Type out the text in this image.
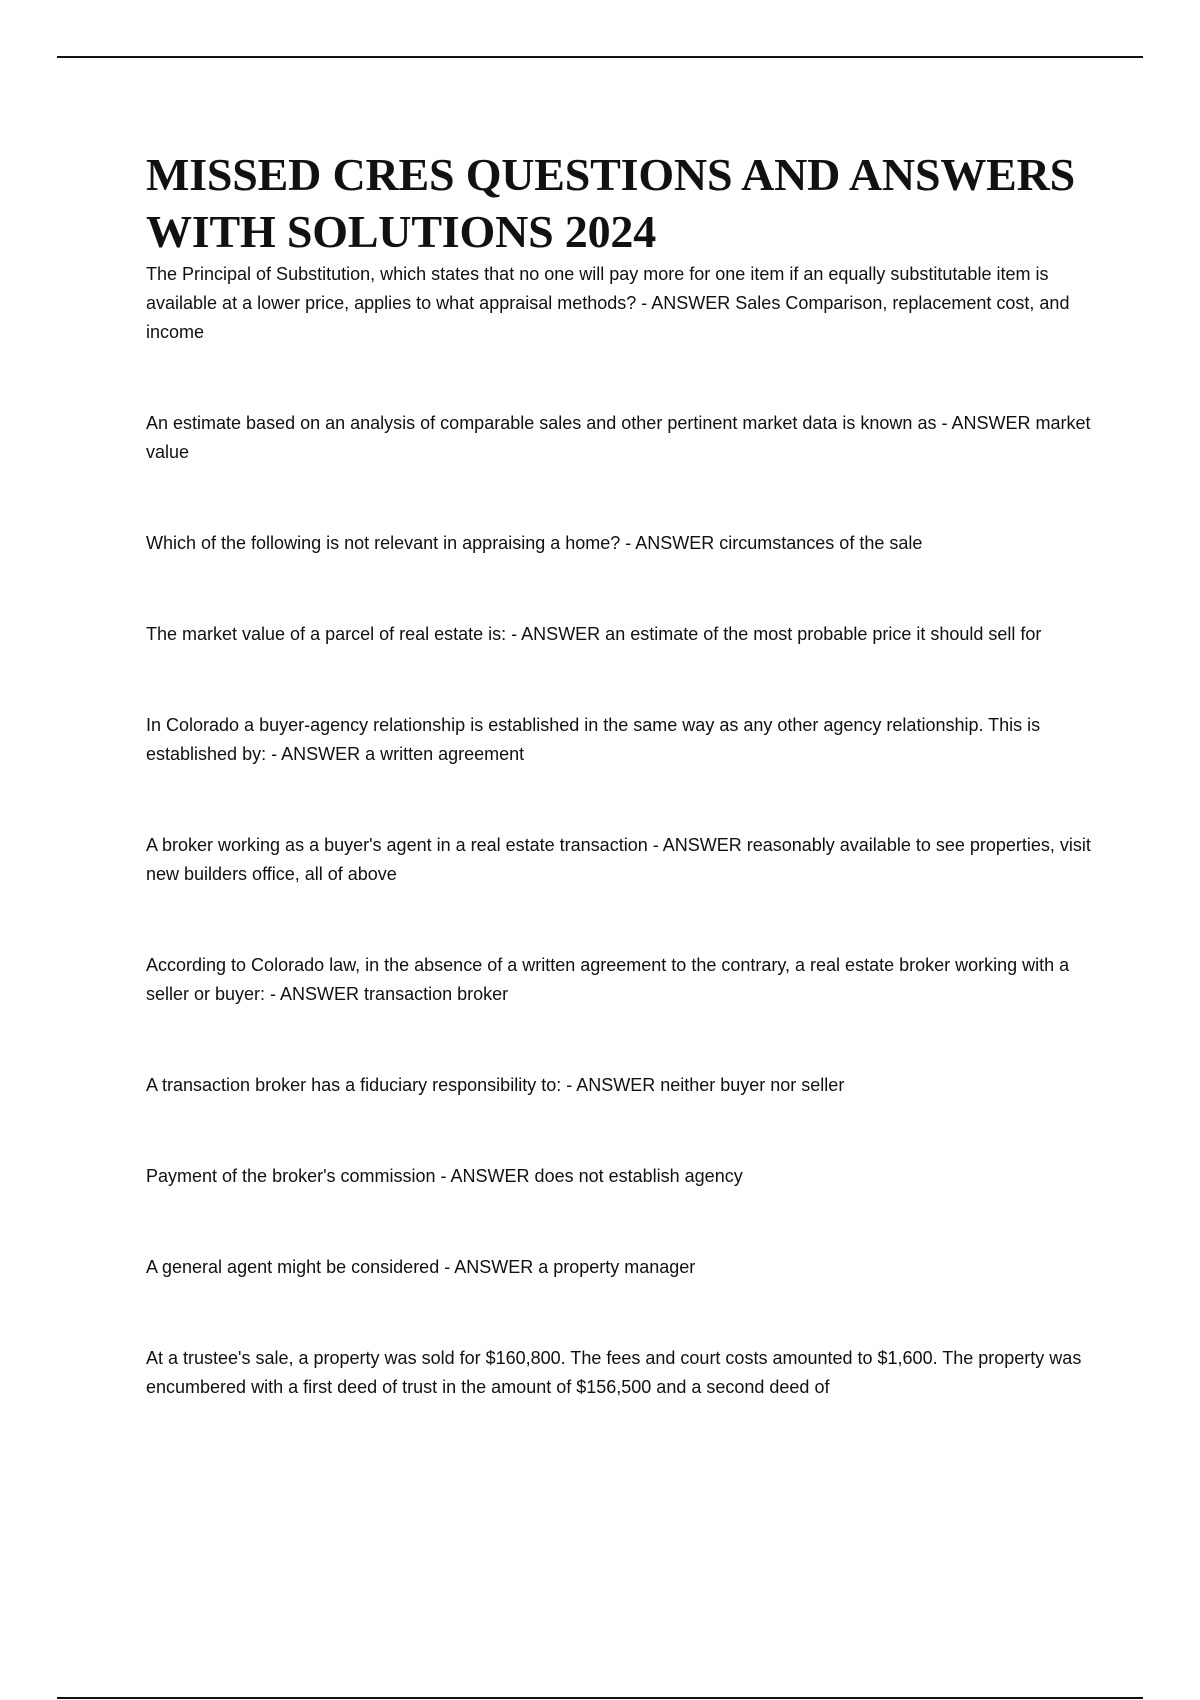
MISSED CRES QUESTIONS AND ANSWERS WITH SOLUTIONS 2024
The Principal of Substitution, which states that no one will pay more for one item if an equally substitutable item is available at a lower price, applies to what appraisal methods? - ANSWER Sales Comparison, replacement cost, and income
An estimate based on an analysis of comparable sales and other pertinent market data is known as - ANSWER market value
Which of the following is not relevant in appraising a home? - ANSWER circumstances of the sale
The market value of a parcel of real estate is: - ANSWER an estimate of the most probable price it should sell for
In Colorado a buyer-agency relationship is established in the same way as any other agency relationship. This is established by: - ANSWER a written agreement
A broker working as a buyer's agent in a real estate transaction - ANSWER reasonably available to see properties, visit new builders office, all of above
According to Colorado law, in the absence of a written agreement to the contrary, a real estate broker working with a seller or buyer: - ANSWER transaction broker
A transaction broker has a fiduciary responsibility to: - ANSWER neither buyer nor seller
Payment of the broker's commission - ANSWER does not establish agency
A general agent might be considered - ANSWER a property manager
At a trustee's sale, a property was sold for $160,800. The fees and court costs amounted to $1,600. The property was encumbered with a first deed of trust in the amount of $156,500 and a second deed of
